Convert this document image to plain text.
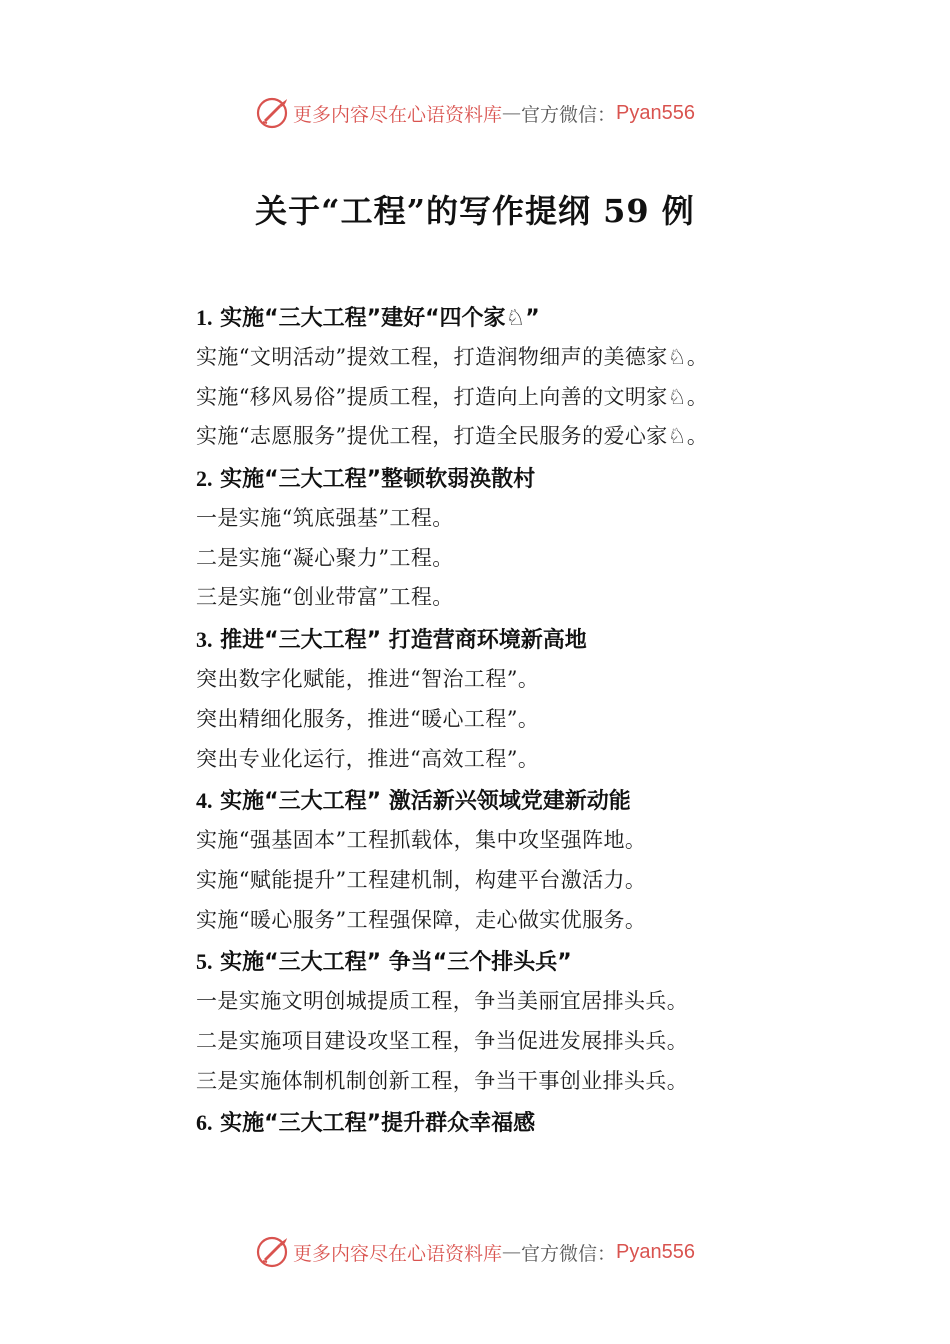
更多内容尽在心语资料库 — 官方微信： Pyan556
关于“工程”的写作提纲 59 例
1. 实施“三大工程”建好“四个家♘”
实施“文明活动”提效工程，打造润物细声的美德家♘。
实施“移风易俗”提质工程，打造向上向善的文明家♘。
实施“志愿服务”提优工程，打造全民服务的爱心家♘。
2. 实施“三大工程”整顿软弱涣散村
一是实施“筑底强基”工程。
二是实施“凝心聚力”工程。
三是实施“创业带富”工程。
3. 推进“三大工程” 打造营商环境新高地
突出数字化赋能，推进“智治工程”。
突出精细化服务，推进“暖心工程”。
突出专业化运行，推进“高效工程”。
4. 实施“三大工程” 激活新兴领域党建新动能
实施“强基固本”工程抓载体，集中攻坚强阵地。
实施“赋能提升”工程建机制，构建平台激活力。
实施“暖心服务”工程强保障，走心做实优服务。
5. 实施“三大工程” 争当“三个排头兵”
一是实施文明创城提质工程，争当美丽宜居排头兵。
二是实施项目建设攻坚工程，争当促进发展排头兵。
三是实施体制机制创新工程，争当干事创业排头兵。
6. 实施“三大工程”提升群众幸福感
更多内容尽在心语资料库 — 官方微信： Pyan556
